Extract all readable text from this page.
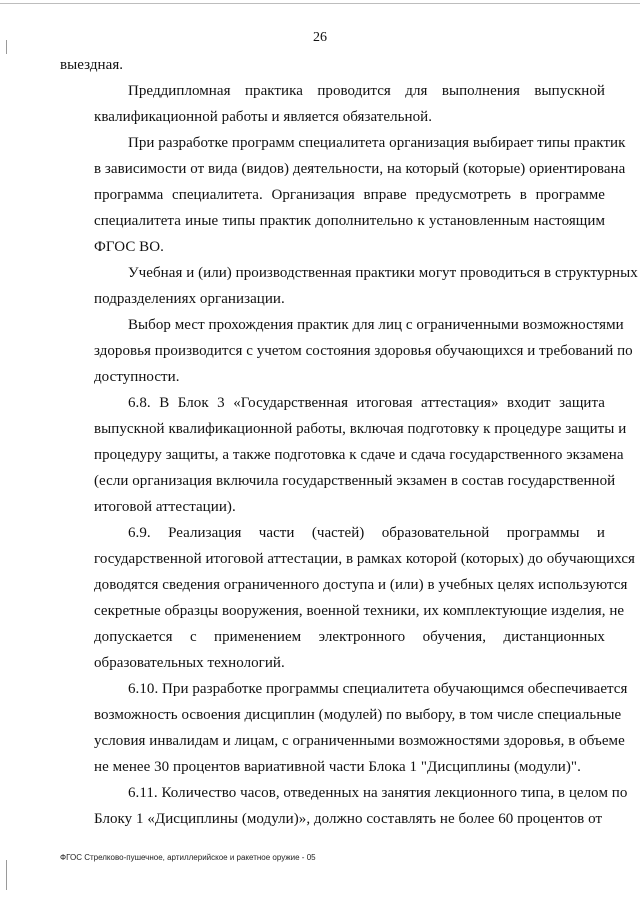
26
выездная.
Преддипломная практика проводится для выполнения выпускной
квалификационной работы и является обязательной.
При разработке программ специалитета организация выбирает типы практик
в зависимости от вида (видов) деятельности, на который (которые) ориентирована
программа специалитета. Организация вправе предусмотреть в программе
специалитета иные типы практик дополнительно к установленным настоящим
ФГОС ВО.
Учебная и (или) производственная практики могут проводиться в структурных
подразделениях организации.
Выбор мест прохождения практик для лиц с ограниченными возможностями
здоровья производится с учетом состояния здоровья обучающихся и требований по
доступности.
6.8. В Блок 3 «Государственная итоговая аттестация» входит защита
выпускной квалификационной работы, включая подготовку к процедуре защиты и
процедуру защиты, а также подготовка к сдаче и сдача государственного экзамена
(если организация включила государственный экзамен в состав государственной
итоговой аттестации).
6.9. Реализация части (частей) образовательной программы и
государственной итоговой аттестации, в рамках которой (которых) до обучающихся
доводятся сведения ограниченного доступа и (или) в учебных целях используются
секретные образцы вооружения, военной техники, их комплектующие изделия, не
допускается с применением электронного обучения, дистанционных
образовательных технологий.
6.10. При разработке программы специалитета обучающимся обеспечивается
возможность освоения дисциплин (модулей) по выбору, в том числе специальные
условия инвалидам и лицам, с ограниченными возможностями здоровья, в объеме
не менее 30 процентов вариативной части Блока 1 "Дисциплины (модули)".
6.11. Количество часов, отведенных на занятия лекционного типа, в целом по
Блоку 1 «Дисциплины (модули)», должно составлять не более 60 процентов от
ФГОС Стрелково-пушечное, артиллерийское и ракетное оружие - 05
